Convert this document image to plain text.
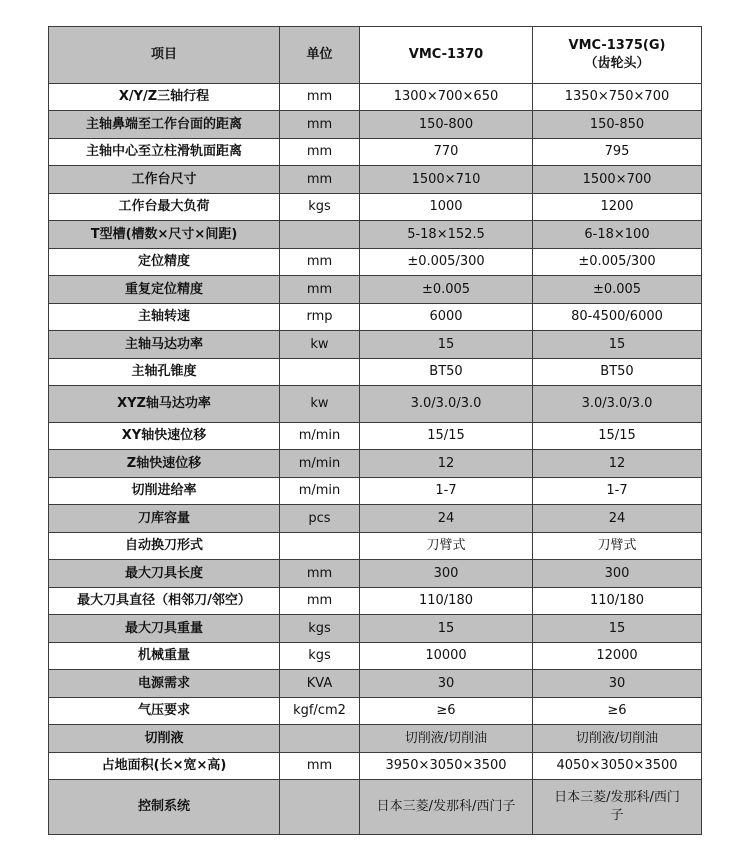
项目	单位	VMC-1370	VMC-1375(G)
（齿轮头）

X/Y/Z三轴行程	mm	1300×700×650	1350×750×700
主轴鼻端至工作台面的距离	mm	150-800	150-850
主轴中心至立柱滑轨面距离	mm	770	795
工作台尺寸	mm	1500×710	1500×700
工作台最大负荷	kgs	1000	1200
T型槽(槽数×尺寸×间距)		5-18×152.5	6-18×100
定位精度	mm	±0.005/300	±0.005/300
重复定位精度	mm	±0.005	±0.005
主轴转速	rmp	6000	80-4500/6000
主轴马达功率	kw	15	15
主轴孔锥度		BT50	BT50
XYZ轴马达功率	kw	3.0/3.0/3.0	3.0/3.0/3.0
XY轴快速位移	m/min	15/15	15/15
Z轴快速位移	m/min	12	12
切削进给率	m/min	1-7	1-7
刀库容量	pcs	24	24
自动换刀形式		刀臂式	刀臂式
最大刀具长度	mm	300	300
最大刀具直径（相邻刀/邻空）	mm	110/180	110/180
最大刀具重量	kgs	15	15
机械重量	kgs	10000	12000
电源需求	KVA	30	30
气压要求	kgf/cm2	≥6	≥6
切削液		切削液/切削油	切削液/切削油
占地面积(长×宽×高)	mm	3950×3050×3500	4050×3050×3500
控制系统		日本三菱/发那科/西门子	日本三菱/发那科/西门
子
